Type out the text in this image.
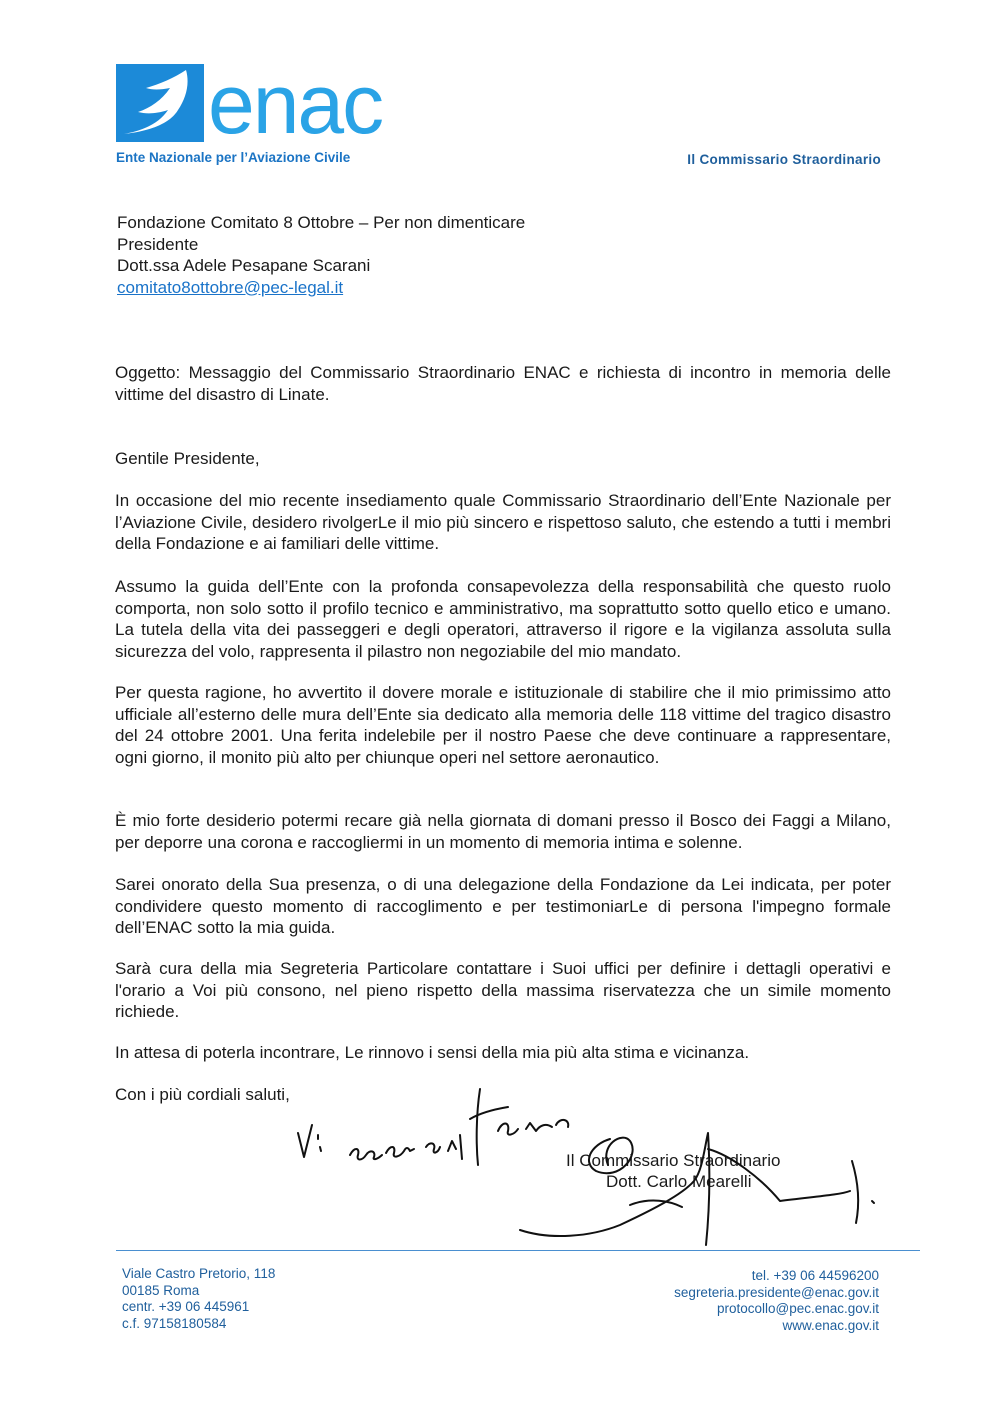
enac
Ente Nazionale per l’Aviazione Civile	Il Commissario Straordinario
Fondazione Comitato 8 Ottobre – Per non dimenticare
Presidente
Dott.ssa Adele Pesapane Scarani
comitato8ottobre@pec-legal.it

Oggetto: Messaggio del Commissario Straordinario ENAC e richiesta di incontro in memoria delle vittime del disastro di Linate.

Gentile Presidente,

In occasione del mio recente insediamento quale Commissario Straordinario dell’Ente Nazionale per l’Aviazione Civile, desidero rivolgerLe il mio più sincero e rispettoso saluto, che estendo a tutti i membri della Fondazione e ai familiari delle vittime.

Assumo la guida dell’Ente con la profonda consapevolezza della responsabilità che questo ruolo comporta, non solo sotto il profilo tecnico e amministrativo, ma soprattutto sotto quello etico e umano. La tutela della vita dei passeggeri e degli operatori, attraverso il rigore e la vigilanza assoluta sulla sicurezza del volo, rappresenta il pilastro non negoziabile del mio mandato.

Per questa ragione, ho avvertito il dovere morale e istituzionale di stabilire che il mio primissimo atto ufficiale all’esterno delle mura dell’Ente sia dedicato alla memoria delle 118 vittime del tragico disastro del 24 ottobre 2001. Una ferita indelebile per il nostro Paese che deve continuare a rappresentare, ogni giorno, il monito più alto per chiunque operi nel settore aeronautico.

È mio forte desiderio potermi recare già nella giornata di domani presso il Bosco dei Faggi a Milano, per deporre una corona e raccogliermi in un momento di memoria intima e solenne.

Sarei onorato della Sua presenza, o di una delegazione della Fondazione da Lei indicata, per poter condividere questo momento di raccoglimento e per testimoniarLe di persona l'impegno formale dell’ENAC sotto la mia guida.

Sarà cura della mia Segreteria Particolare contattare i Suoi uffici per definire i dettagli operativi e l'orario a Voi più consono, nel pieno rispetto della massima riservatezza che un simile momento richiede.

In attesa di poterla incontrare, Le rinnovo i sensi della mia più alta stima e vicinanza.

Con i più cordiali saluti,

Il Commissario Straordinario
Dott. Carlo Mearelli
Viale Castro Pretorio, 118
00185 Roma
centr. +39 06 445961
c.f. 97158180584
tel. +39 06 44596200
segreteria.presidente@enac.gov.it
protocollo@pec.enac.gov.it
www.enac.gov.it
